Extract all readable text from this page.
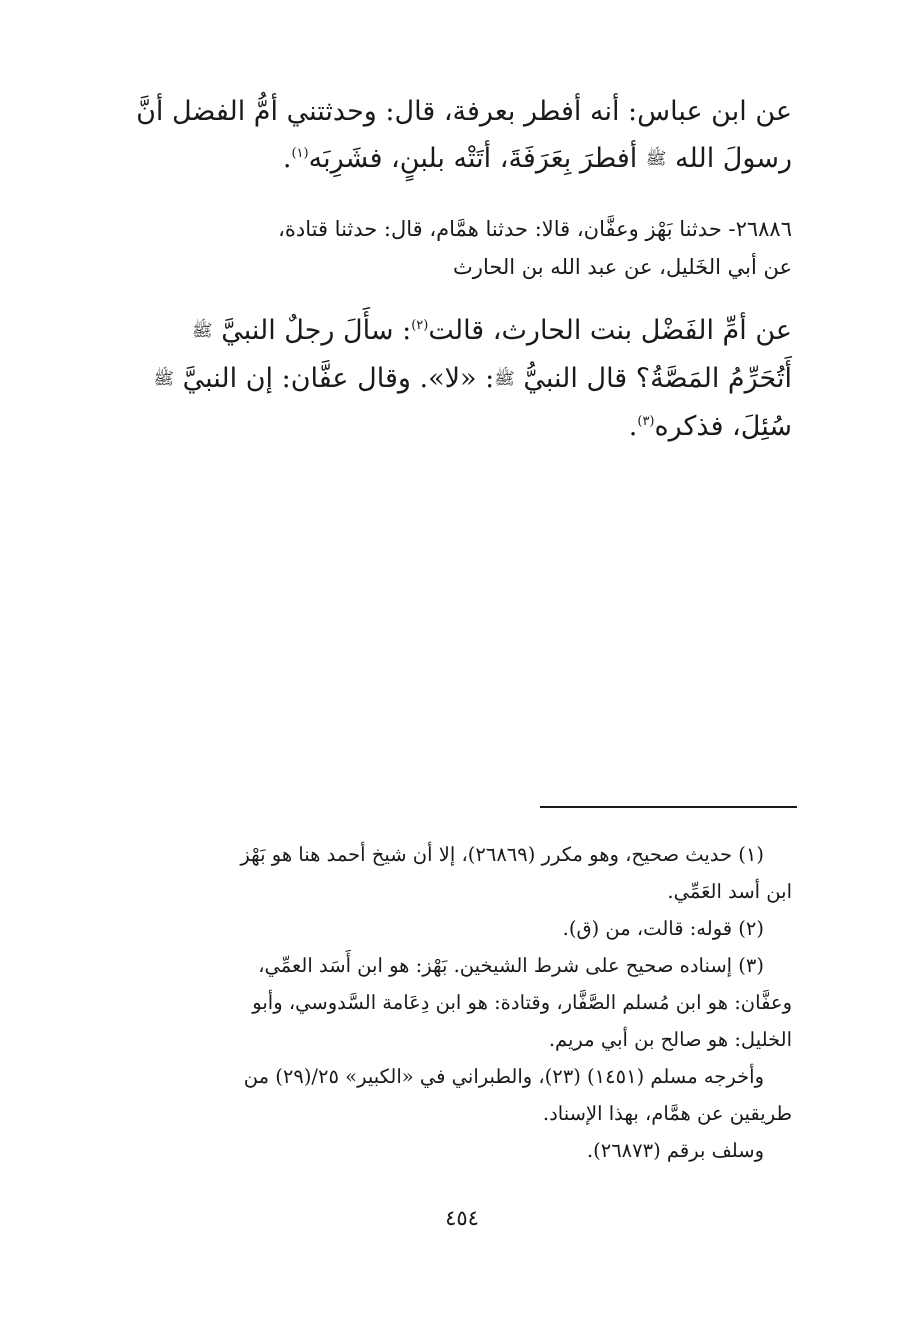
عن ابن عباس: أنه أفطر بعرفة، قال: وحدثتني أمُّ الفضل أنَّ
رسولَ الله ﷺ أفطرَ بِعَرَفَةَ، أتَتْه بلبنٍ، فشَرِبَه$^{(١)}$.
٢٦٨٨٦- حدثنا بَهْز وعفَّان، قالا: حدثنا همَّام، قال: حدثنا قتادة،
عن أبي الخَليل، عن عبد الله بن الحارث
عن أمِّ الفَضْل بنت الحارث، قالت$^{(٢)}$: سأَلَ رجلٌ النبيَّ ﷺ
أَتُحَرِّمُ المَصَّةُ؟ قال النبيُّ ﷺ: «لا». وقال عفَّان: إن النبيَّ ﷺ
سُئِلَ، فذكره$^{(٣)}$.
(١) حديث صحيح، وهو مكرر (٢٦٨٦٩)، إلا أن شيخ أحمد هنا هو بَهْز
ابن أسد العَمِّي.
(٢) قوله: قالت، من (ق).
(٣) إسناده صحيح على شرط الشيخين. بَهْز: هو ابن أَسَد العمِّي،
وعفَّان: هو ابن مُسلم الصَّفَّار، وقتادة: هو ابن دِعَامة السَّدوسي، وأبو
الخليل: هو صالح بن أبي مريم.
وأخرجه مسلم (١٤٥١) (٢٣)، والطبراني في «الكبير» ٢٥/(٢٩) من
طريقين عن همَّام، بهذا الإسناد.
وسلف برقم (٢٦٨٧٣).
٤٥٤
